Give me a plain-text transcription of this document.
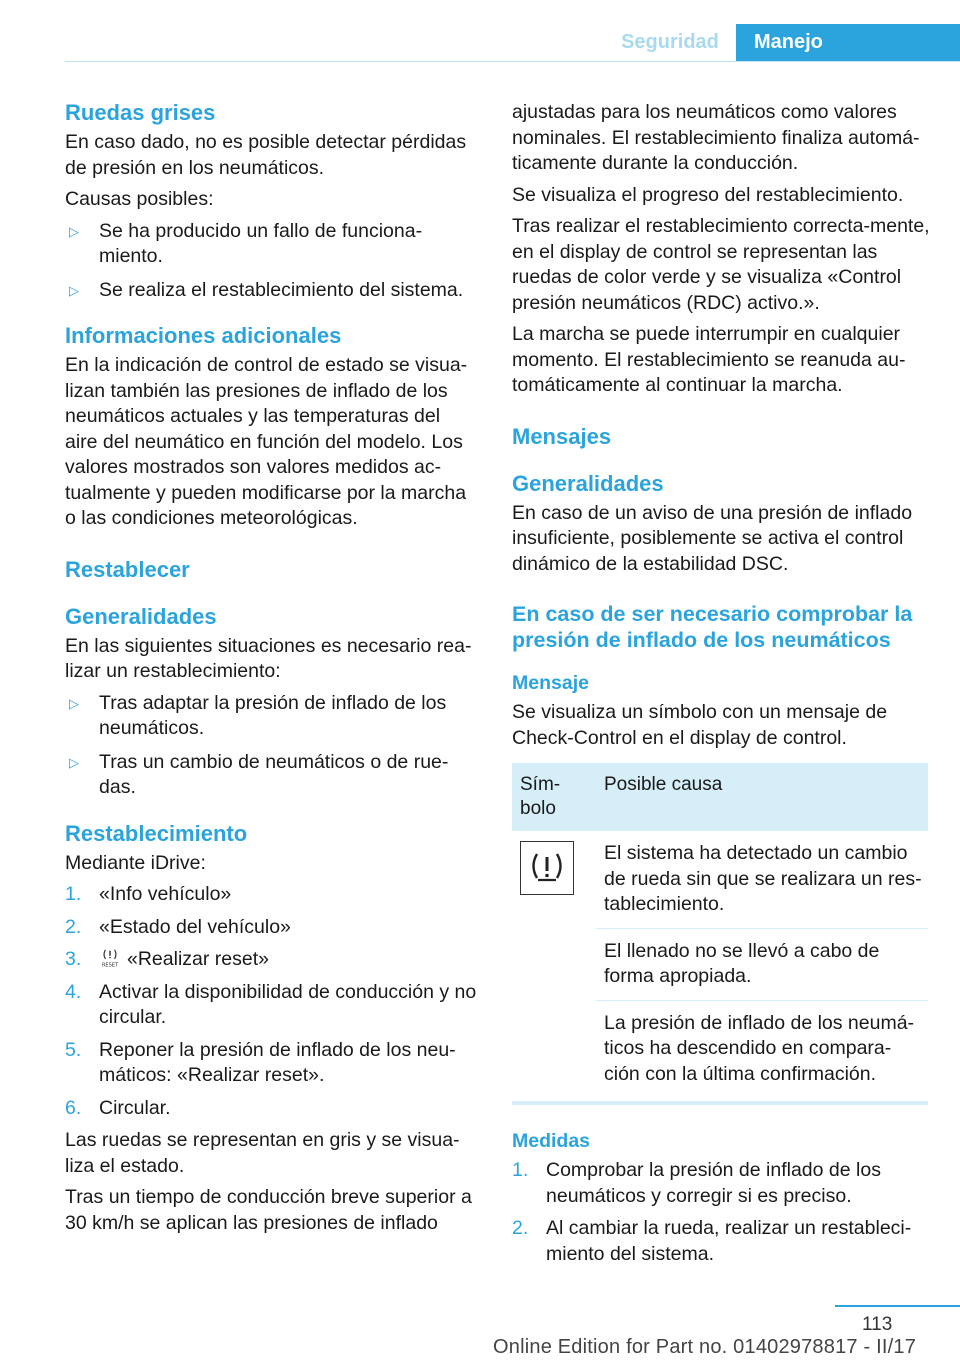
Seguridad	Manejo
Ruedas grises

En caso dado, no es posible detectar pérdidas de presión en los neumáticos.

Causas posibles:

▷ Se ha producido un fallo de funciona‐miento.
▷ Se realiza el restablecimiento del sistema.
Informaciones adicionales

En la indicación de control de estado se visua‐lizan también las presiones de inflado de los neumáticos actuales y las temperaturas del aire del neumático en función del modelo. Los valores mostrados son valores medidos ac‐tualmente y pueden modificarse por la marcha o las condiciones meteorológicas.

Restablecer
Generalidades

En las siguientes situaciones es necesario rea‐lizar un restablecimiento:

▷ Tras adaptar la presión de inflado de los neumáticos.
▷ Tras un cambio de neumáticos o de rue‐das.
Restablecimiento

Mediante iDrive:

1. «Info vehículo»
2. «Estado del vehículo»
3.	RESET «Realizar reset»
4. Activar la disponibilidad de conducción y no circular.
5. Reponer la presión de inflado de los neu‐máticos: «Realizar reset».
6. Circular.

Las ruedas se representan en gris y se visua‐liza el estado.

Tras un tiempo de conducción breve superior a 30 km/h se aplican las presiones de inflado

ajustadas para los neumáticos como valores nominales. El restablecimiento finaliza automá‐ticamente durante la conducción.

Se visualiza el progreso del restablecimiento.

Tras realizar el restablecimiento correcta‐mente, en el display de control se representan las ruedas de color verde y se visualiza «Control presión neumáticos (RDC) activo.».

La marcha se puede interrumpir en cualquier momento. El restablecimiento se reanuda au‐tomáticamente al continuar la marcha.

Mensajes
Generalidades

En caso de un aviso de una presión de inflado insuficiente, posiblemente se activa el control dinámico de la estabilidad DSC.

En caso de ser necesario comprobar la presión de inflado de los neumáticos
Mensaje

Se visualiza un símbolo con un mensaje de Check-Control en el display de control.

Sím‐bolo	Posible causa

	El sistema ha detectado un cambio de rueda sin que se realizara un res‐tablecimiento.
	El llenado no se llevó a cabo de forma apropiada.
	La presión de inflado de los neumá‐ticos ha descendido en compara‐ción con la última confirmación.
Medidas
1. Comprobar la presión de inflado de los neumáticos y corregir si es preciso.
2. Al cambiar la rueda, realizar un restableci‐miento del sistema.
113
Online Edition for Part no. 01402978817 - II/17
